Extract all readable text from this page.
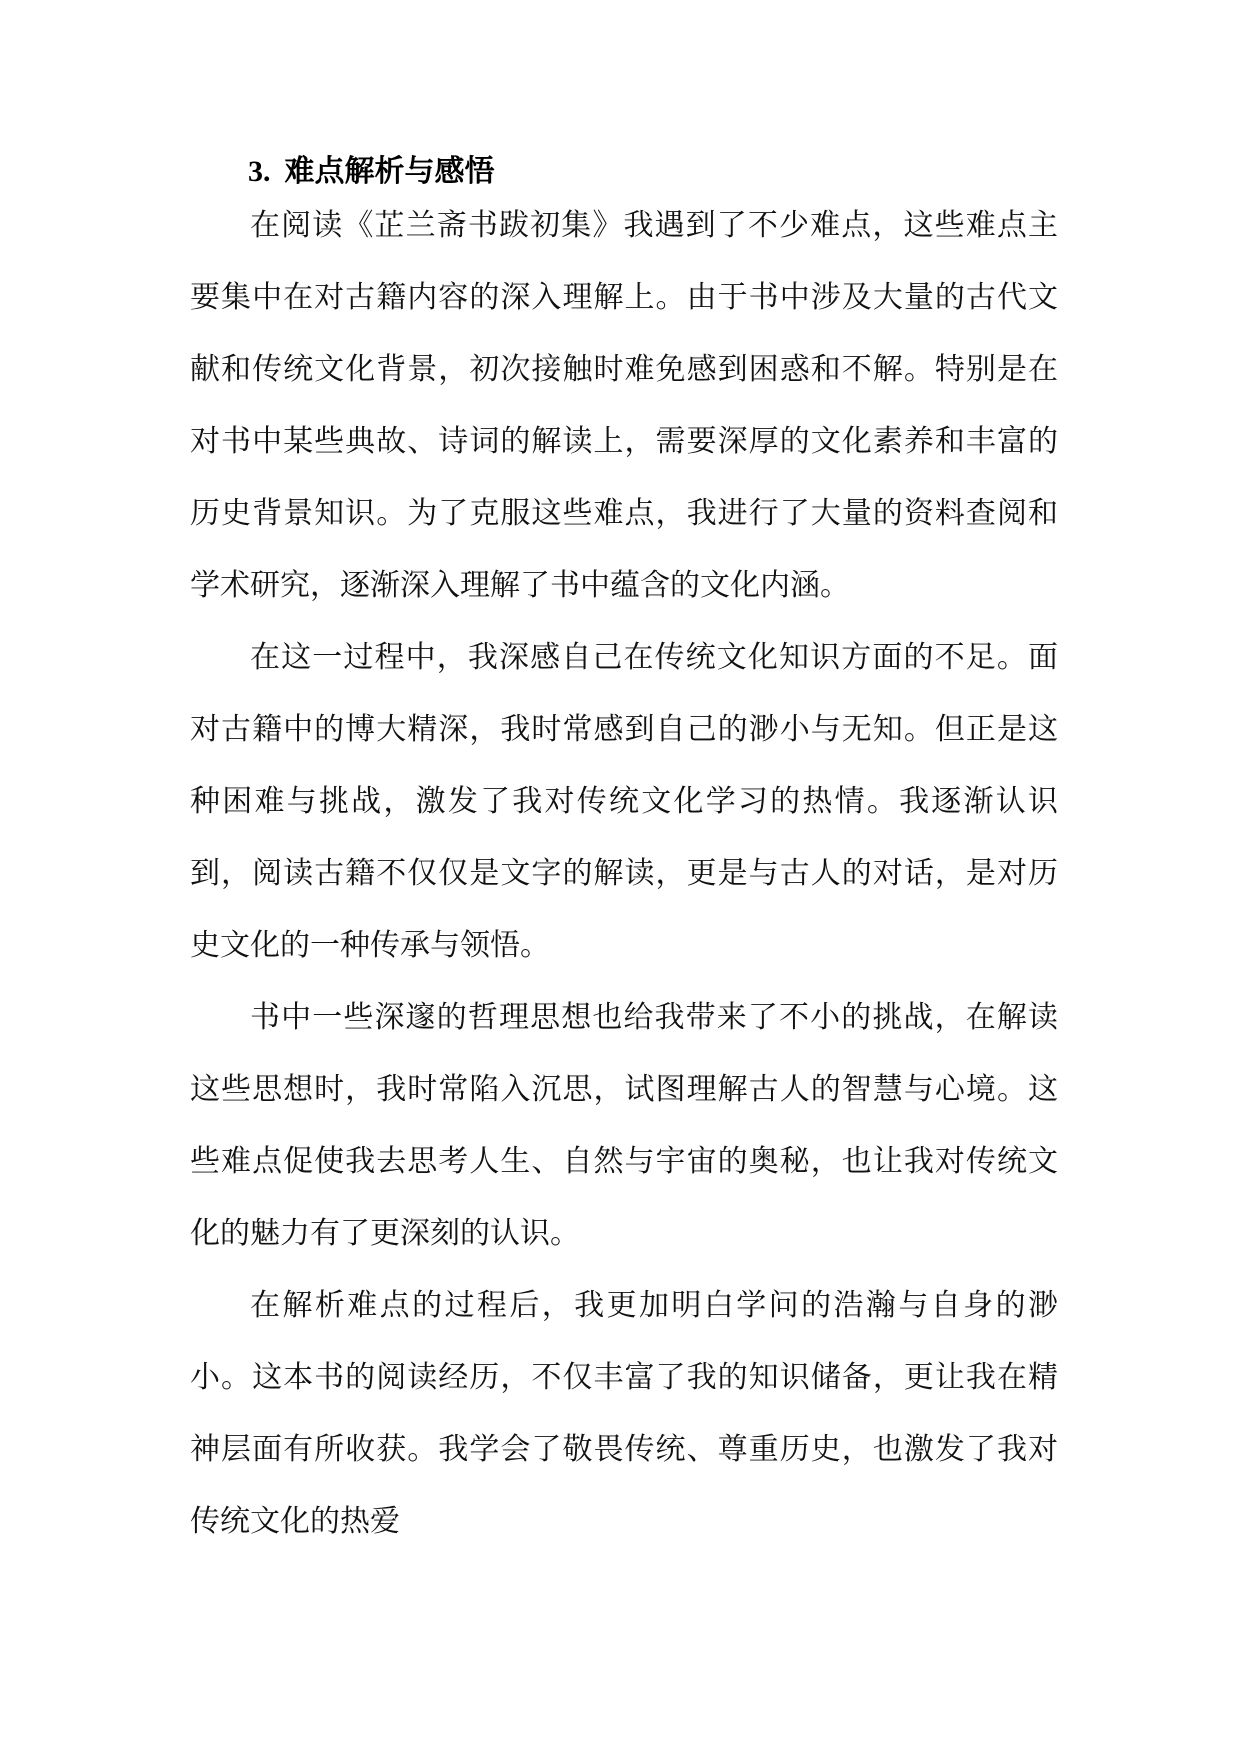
3. 难点解析与感悟

在阅读《芷兰斋书跋初集》我遇到了不少难点，这些难点主要集中在对古籍内容的深入理解上。由于书中涉及大量的古代文献和传统文化背景，初次接触时难免感到困惑和不解。特别是在对书中某些典故、诗词的解读上，需要深厚的文化素养和丰富的历史背景知识。为了克服这些难点，我进行了大量的资料查阅和学术研究，逐渐深入理解了书中蕴含的文化内涵。

在这一过程中，我深感自己在传统文化知识方面的不足。面对古籍中的博大精深，我时常感到自己的渺小与无知。但正是这种困难与挑战，激发了我对传统文化学习的热情。我逐渐认识到，阅读古籍不仅仅是文字的解读，更是与古人的对话，是对历史文化的一种传承与领悟。

书中一些深邃的哲理思想也给我带来了不小的挑战，在解读这些思想时，我时常陷入沉思，试图理解古人的智慧与心境。这些难点促使我去思考人生、自然与宇宙的奥秘，也让我对传统文化的魅力有了更深刻的认识。

在解析难点的过程后，我更加明白学问的浩瀚与自身的渺小。这本书的阅读经历，不仅丰富了我的知识储备，更让我在精神层面有所收获。我学会了敬畏传统、尊重历史，也激发了我对传统文化的热爱
